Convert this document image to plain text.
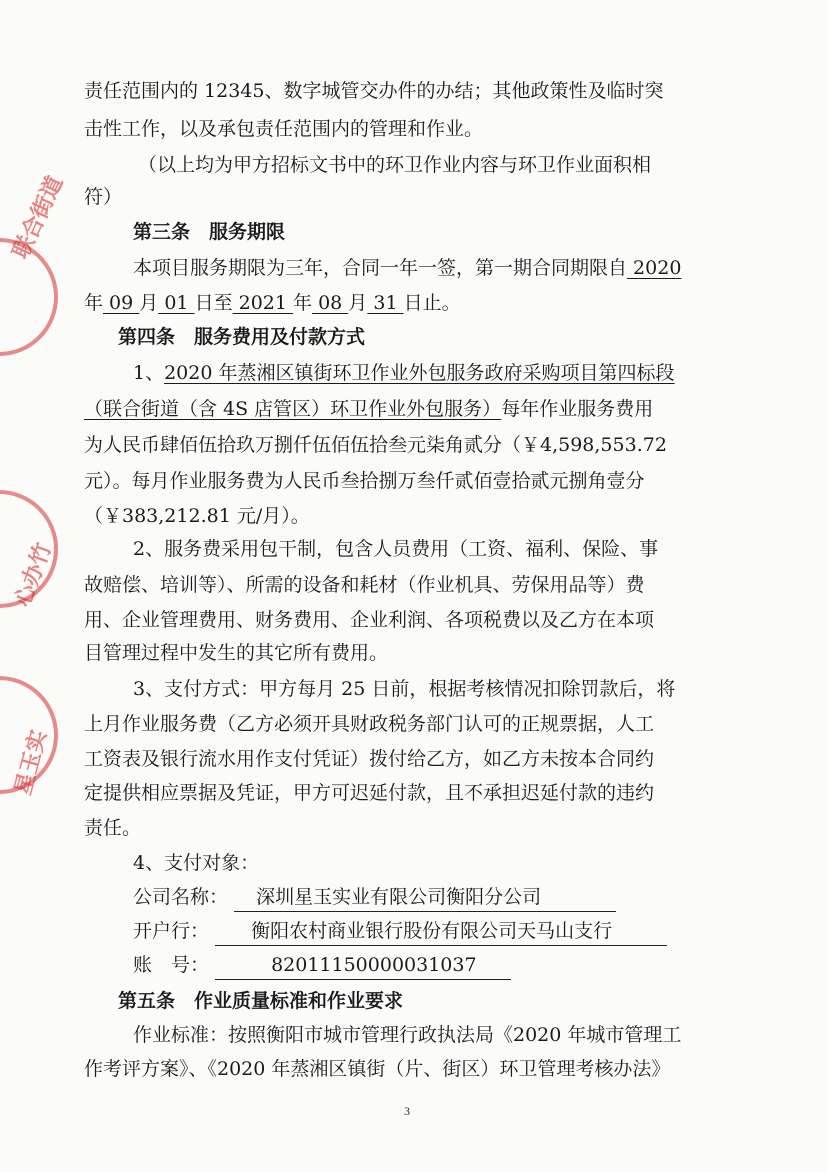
联合街道
心办竹
星玉实
责任范围内的 12345、数字城管交办件的办结；其他政策性及临时突
击性工作，以及承包责任范围内的管理和作业。
（以上均为甲方招标文书中的环卫作业内容与环卫作业面积相
符）
第三条　服务期限
本项目服务期限为三年，合同一年一签，第一期合同期限自 2020
年 09 月 01 日至 2021 年 08 月 31 日止。
第四条　服务费用及付款方式
1、2020 年蒸湘区镇街环卫作业外包服务政府采购项目第四标段
（联合街道（含 4S 店管区）环卫作业外包服务）每年作业服务费用
为人民币肆佰伍拾玖万捌仟伍佰伍拾叁元柒角贰分（￥4,598,553.72
元）。每月作业服务费为人民币叁拾捌万叁仟贰佰壹拾贰元捌角壹分
（￥383,212.81 元/月）。
2、服务费采用包干制，包含人员费用（工资、福利、保险、事
故赔偿、培训等）、所需的设备和耗材（作业机具、劳保用品等）费
用、企业管理费用、财务费用、企业利润、各项税费以及乙方在本项
目管理过程中发生的其它所有费用。
3、支付方式：甲方每月 25 日前，根据考核情况扣除罚款后，将
上月作业服务费（乙方必须开具财政税务部门认可的正规票据，人工
工资表及银行流水用作支付凭证）拨付给乙方，如乙方未按本合同约
定提供相应票据及凭证，甲方可迟延付款，且不承担迟延付款的违约
责任。
4、支付对象：
公司名称： 深圳星玉实业有限公司衡阳分公司
开户行： 衡阳农村商业银行股份有限公司天马山支行
账　号：	82011150000031037
第五条　作业质量标准和作业要求
作业标准：按照衡阳市城市管理行政执法局《2020 年城市管理工
作考评方案》、《2020 年蒸湘区镇街（片、街区）环卫管理考核办法》
3
